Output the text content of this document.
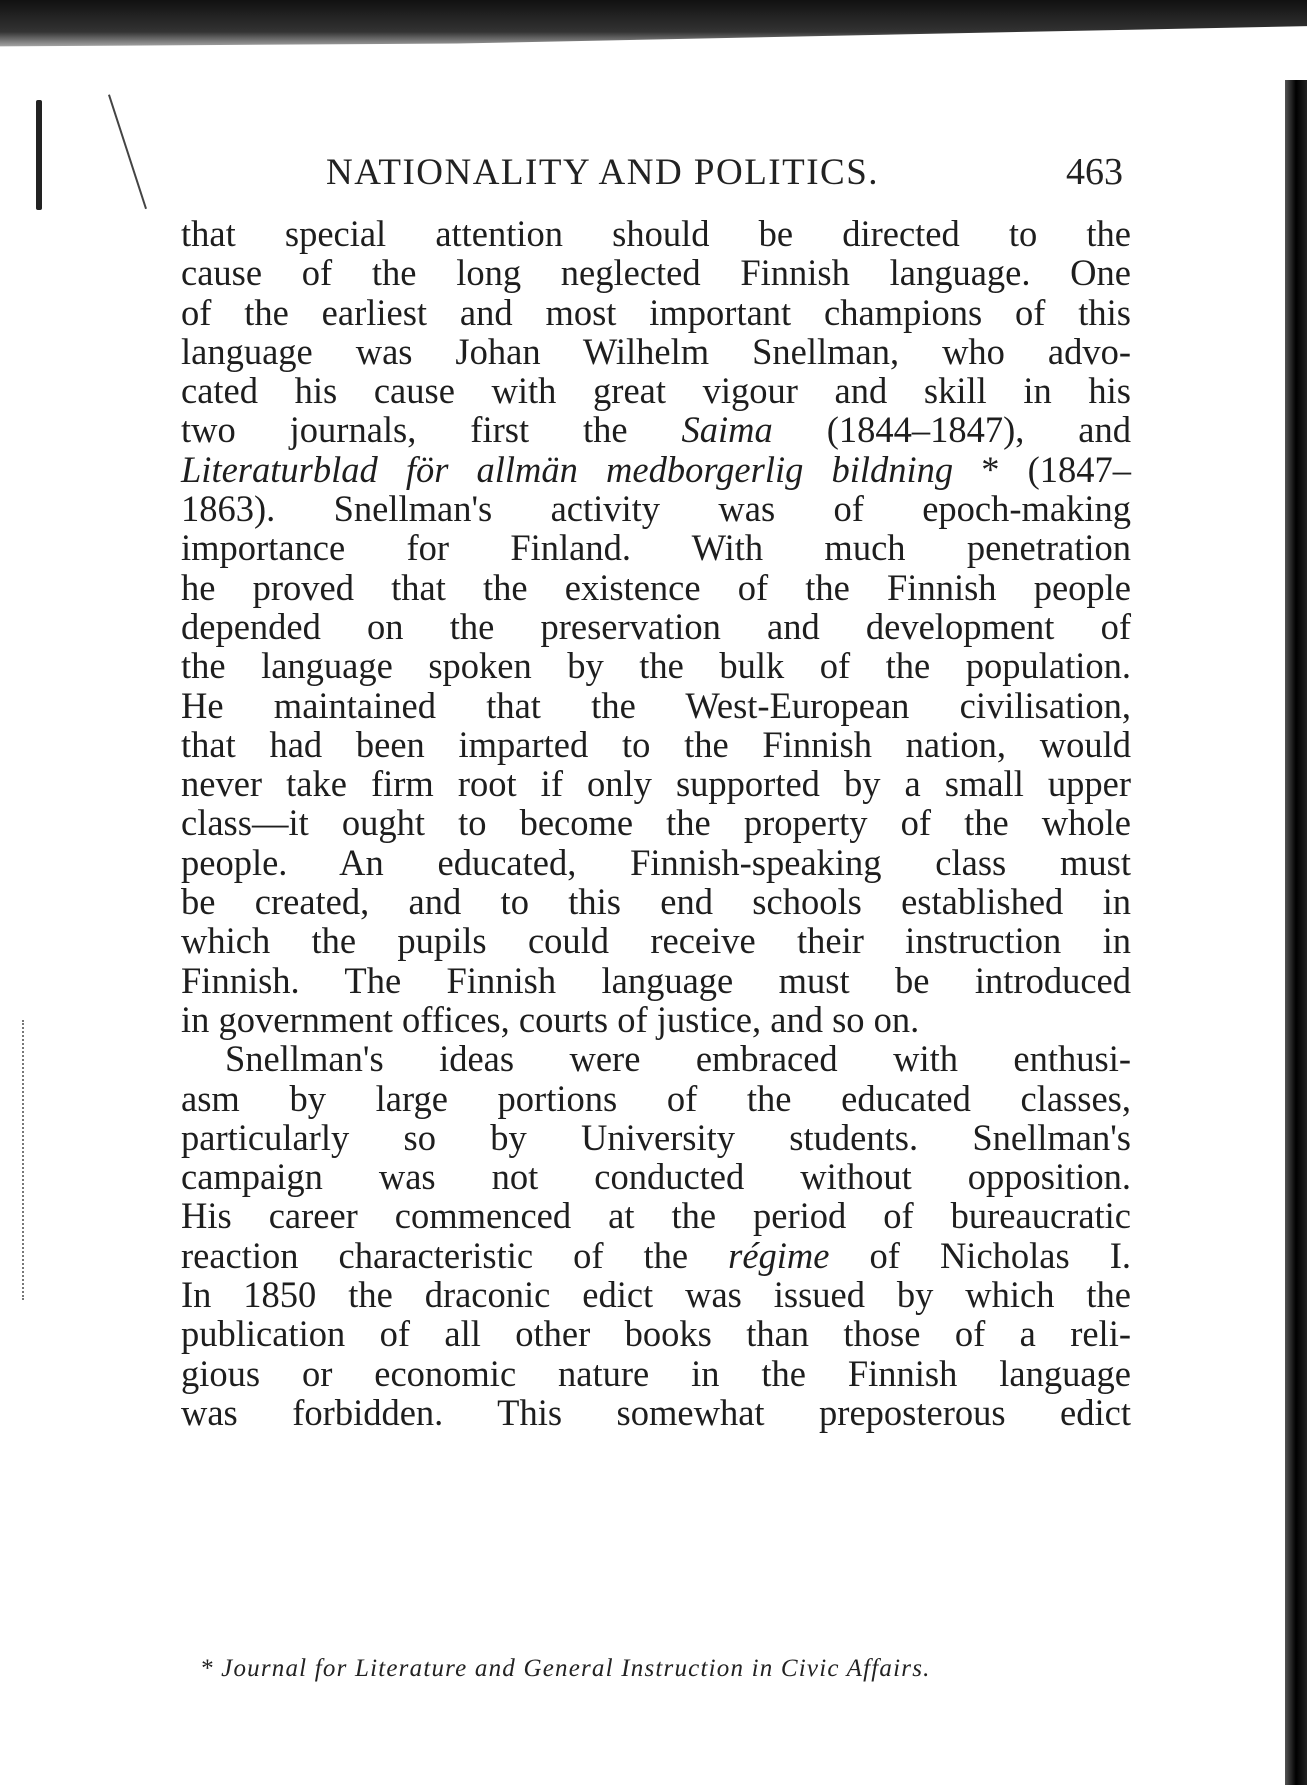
NATIONALITY AND POLITICS.	463
that special attention should be directed to the
cause of the long neglected Finnish language. One
of the earliest and most important champions of this
language was Johan Wilhelm Snellman, who advo-
cated his cause with great vigour and skill in his
two journals, first the Saima (1844–1847), and
Literaturblad för allmän medborgerlig bildning * (1847–
1863). Snellman's activity was of epoch-making
importance for Finland. With much penetration
he proved that the existence of the Finnish people
depended on the preservation and development of
the language spoken by the bulk of the population.
He maintained that the West-European civilisation,
that had been imparted to the Finnish nation, would
never take firm root if only supported by a small upper
class—it ought to become the property of the whole
people. An educated, Finnish-speaking class must
be created, and to this end schools established in
which the pupils could receive their instruction in
Finnish. The Finnish language must be introduced
in government offices, courts of justice, and so on.
Snellman's ideas were embraced with enthusi-
asm by large portions of the educated classes,
particularly so by University students. Snellman's
campaign was not conducted without opposition.
His career commenced at the period of bureaucratic
reaction characteristic of the régime of Nicholas I.
In 1850 the draconic edict was issued by which the
publication of all other books than those of a reli-
gious or economic nature in the Finnish language
was forbidden. This somewhat preposterous edict
* Journal for Literature and General Instruction in Civic Affairs.
